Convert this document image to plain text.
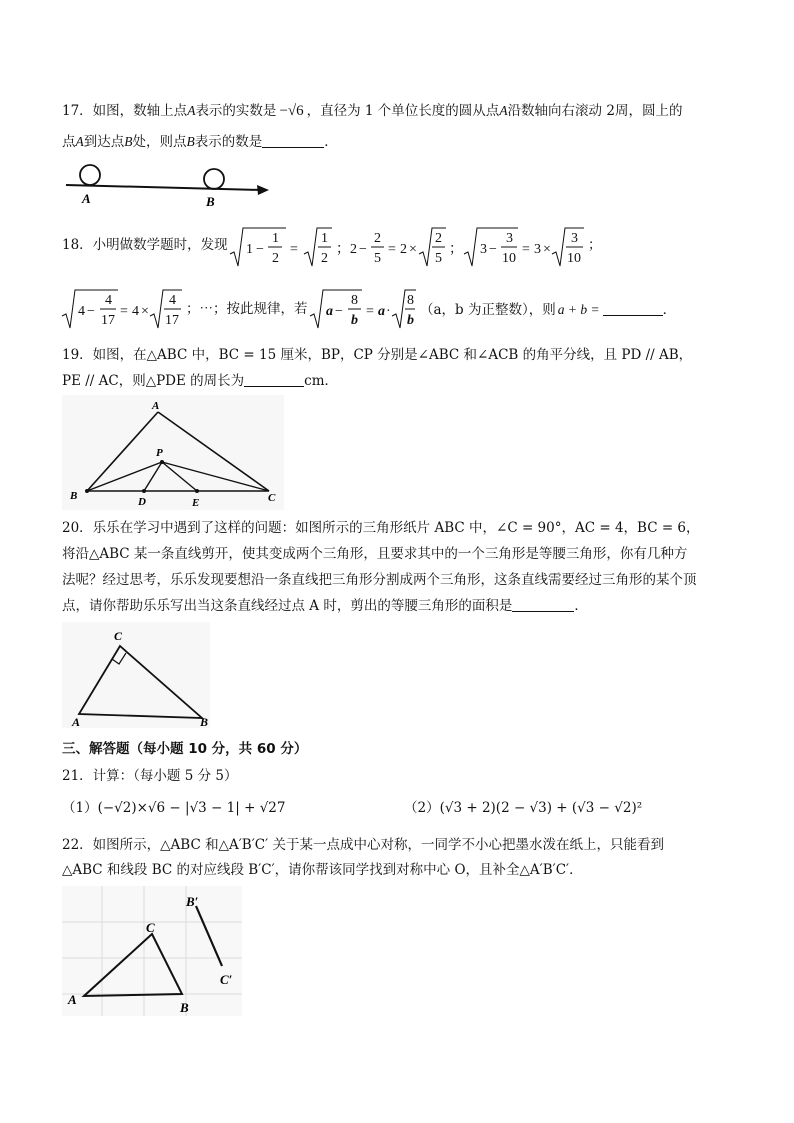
17．如图，数轴上点A表示的实数是 −√6 ，直径为 1 个单位长度的圆从点A沿数轴向右滚动 2周，圆上的
点A到达点B处，则点B表示的数是	．
A	B
18．小明做数学题时，发现 1 −
1
2
=
1
2
； 2 −
2
5
= 2 ×
2
5
； 3 −
3
10
= 3 ×
3
10
；
4 −
4
17
= 4 ×
4
17
；⋯；按此规律，若 a −
8
b
= a ·
8
b
（a，b 为正整数），则 a + b =	．
19．如图，在△ABC 中，BC = 15 厘米，BP，CP 分别是∠ABC 和∠ACB 的角平分线，且 PD // AB，
PE // AC，则△PDE 的周长为	cm．
A
P
B	D	E	C
20．乐乐在学习中遇到了这样的问题：如图所示的三角形纸片 ABC 中，∠C = 90°，AC = 4，BC = 6，
将沿△ABC 某一条直线剪开，使其变成两个三角形，且要求其中的一个三角形是等腰三角形，你有几种方
法呢？经过思考，乐乐发现要想沿一条直线把三角形分割成两个三角形，这条直线需要经过三角形的某个顶
点，请你帮助乐乐写出当这条直线经过点 A 时，剪出的等腰三角形的面积是	．
C
A	B
三、解答题（每小题 10 分，共 60 分）
21．计算：（每小题 5 分 5）
（1）(−√2)×√6 − |√3 − 1| + √27	（2）(√3 + 2)(2 − √3) + (√3 − √2)²
22．如图所示，△ABC 和△A′B′C′ 关于某一点成中心对称，一同学不小心把墨水泼在纸上，只能看到
△ABC 和线段 BC 的对应线段 B′C′，请你帮该同学找到对称中心 O，且补全△A′B′C′．
B′
C
C′
A
B
